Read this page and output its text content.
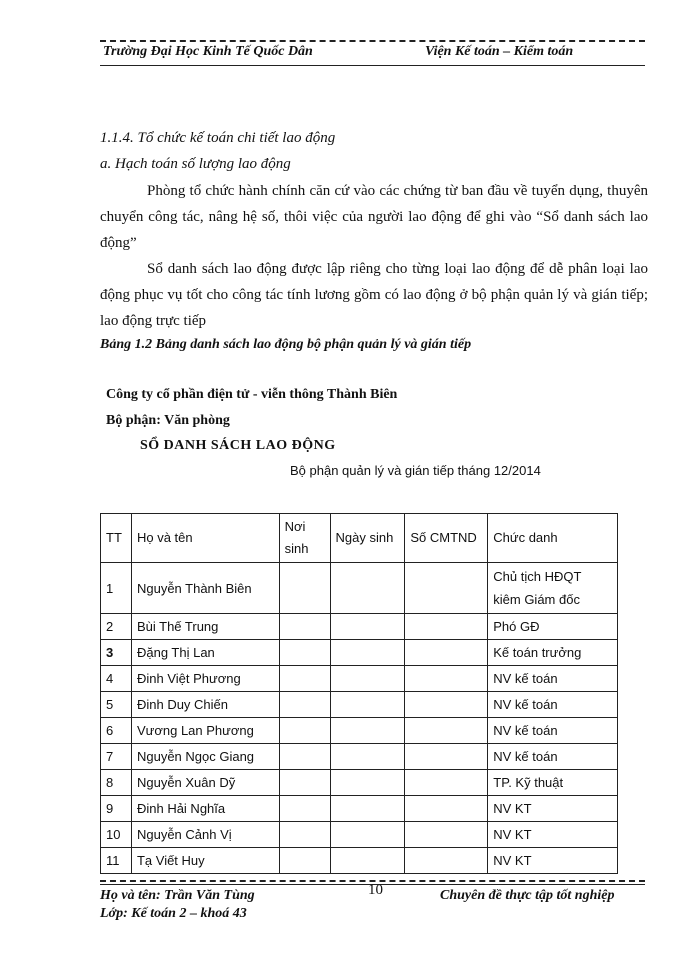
Trường Đại Học Kinh Tế Quốc Dân	Viện Kế toán – Kiểm toán
1.1.4. Tổ chức kế toán chi tiết lao động
a. Hạch toán số lượng lao động
Phòng tổ chức hành chính căn cứ vào các chứng từ ban đầu về tuyển dụng, thuyên chuyển công tác, nâng hệ số, thôi việc của người lao động để ghi vào “Sổ danh sách lao động”
Sổ danh sách lao động được lập riêng cho từng loại lao động để dễ phân loại lao động phục vụ tốt cho công tác tính lương gồm có lao động ở bộ phận quản lý và gián tiếp; lao động trực tiếp
Bảng 1.2 Bảng danh sách lao động bộ phận quản lý và gián tiếp
Công ty cổ phần điện tử - viễn thông Thành Biên
Bộ phận: Văn phòng
SỔ DANH SÁCH LAO ĐỘNG
Bộ phận quản lý và gián tiếp tháng 12/2014
TT	Họ và tên	Nơi sinh	Ngày sinh	Số CMTND	Chức danh
1	Nguyễn Thành Biên				Chủ tịch HĐQT kiêm Giám đốc
2	Bùi Thế Trung				Phó GĐ
3	Đặng Thị Lan				Kế toán trưởng
4	Đinh Việt Phương				NV kế toán
5	Đinh Duy Chiến				NV kế toán
6	Vương Lan Phương				NV kế toán
7	Nguyễn Ngọc Giang				NV kế toán
8	Nguyễn Xuân Dỹ				TP. Kỹ thuật
9	Đinh Hải Nghĩa				NV KT
10	Nguyễn Cảnh Vị				NV KT
11	Tạ Viết Huy				NV KT
Họ và tên: Trần Văn Tùng
Lớp: Kế toán 2 – khoá 43
10	Chuyên đề thực tập tốt nghiệp
